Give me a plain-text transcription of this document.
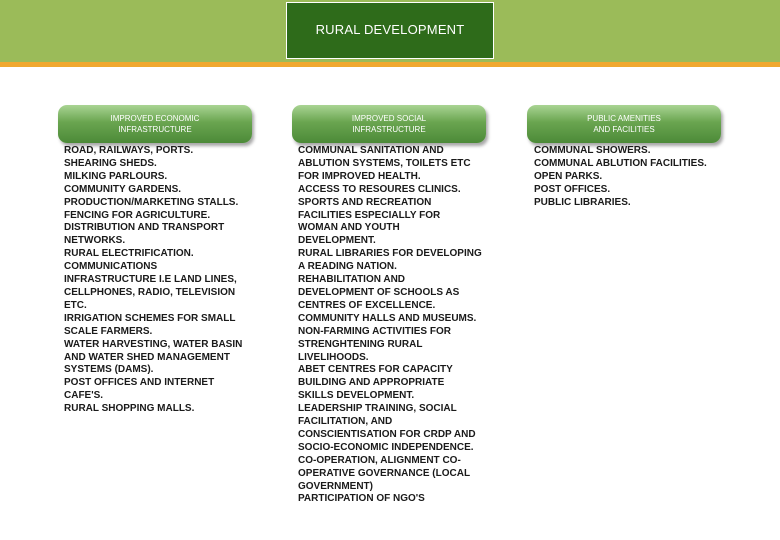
RURAL DEVELOPMENT
IMPROVED ECONOMIC
INFRASTRUCTURE
ROAD, RAILWAYS, PORTS.
SHEARING SHEDS.
MILKING PARLOURS.
COMMUNITY GARDENS.
PRODUCTION/MARKETING STALLS.
FENCING FOR AGRICULTURE.
DISTRIBUTION AND TRANSPORT
NETWORKS.
RURAL ELECTRIFICATION.
COMMUNICATIONS
INFRASTRUCTURE I.E LAND LINES,
CELLPHONES, RADIO, TELEVISION
ETC.
IRRIGATION SCHEMES FOR SMALL
SCALE FARMERS.
WATER HARVESTING, WATER BASIN
AND WATER SHED MANAGEMENT
SYSTEMS (DAMS).
POST OFFICES AND INTERNET
CAFE'S.
RURAL SHOPPING MALLS.
IMPROVED SOCIAL
INFRASTRUCTURE
COMMUNAL SANITATION AND
ABLUTION SYSTEMS, TOILETS ETC
FOR IMPROVED HEALTH.
ACCESS TO RESOURES CLINICS.
SPORTS AND RECREATION
FACILITIES ESPECIALLY FOR
WOMAN AND YOUTH
DEVELOPMENT.
RURAL LIBRARIES FOR DEVELOPING
A READING NATION.
REHABILITATION AND
DEVELOPMENT OF SCHOOLS AS
CENTRES OF EXCELLENCE.
COMMUNITY HALLS AND MUSEUMS.
NON-FARMING ACTIVITIES FOR
STRENGHTENING RURAL
LIVELIHOODS.
ABET CENTRES FOR CAPACITY
BUILDING AND APPROPRIATE
SKILLS DEVELOPMENT.
LEADERSHIP TRAINING, SOCIAL
FACILITATION, AND
CONSCIENTISATION FOR CRDP AND
SOCIO-ECONOMIC INDEPENDENCE.
CO-OPERATION, ALIGNMENT CO-
OPERATIVE GOVERNANCE (LOCAL
GOVERNMENT)
PARTICIPATION OF NGO'S
PUBLIC AMENITIES
AND FACILITIES
COMMUNAL SHOWERS.
COMMUNAL ABLUTION FACILITIES.
OPEN PARKS.
POST OFFICES.
PUBLIC LIBRARIES.
